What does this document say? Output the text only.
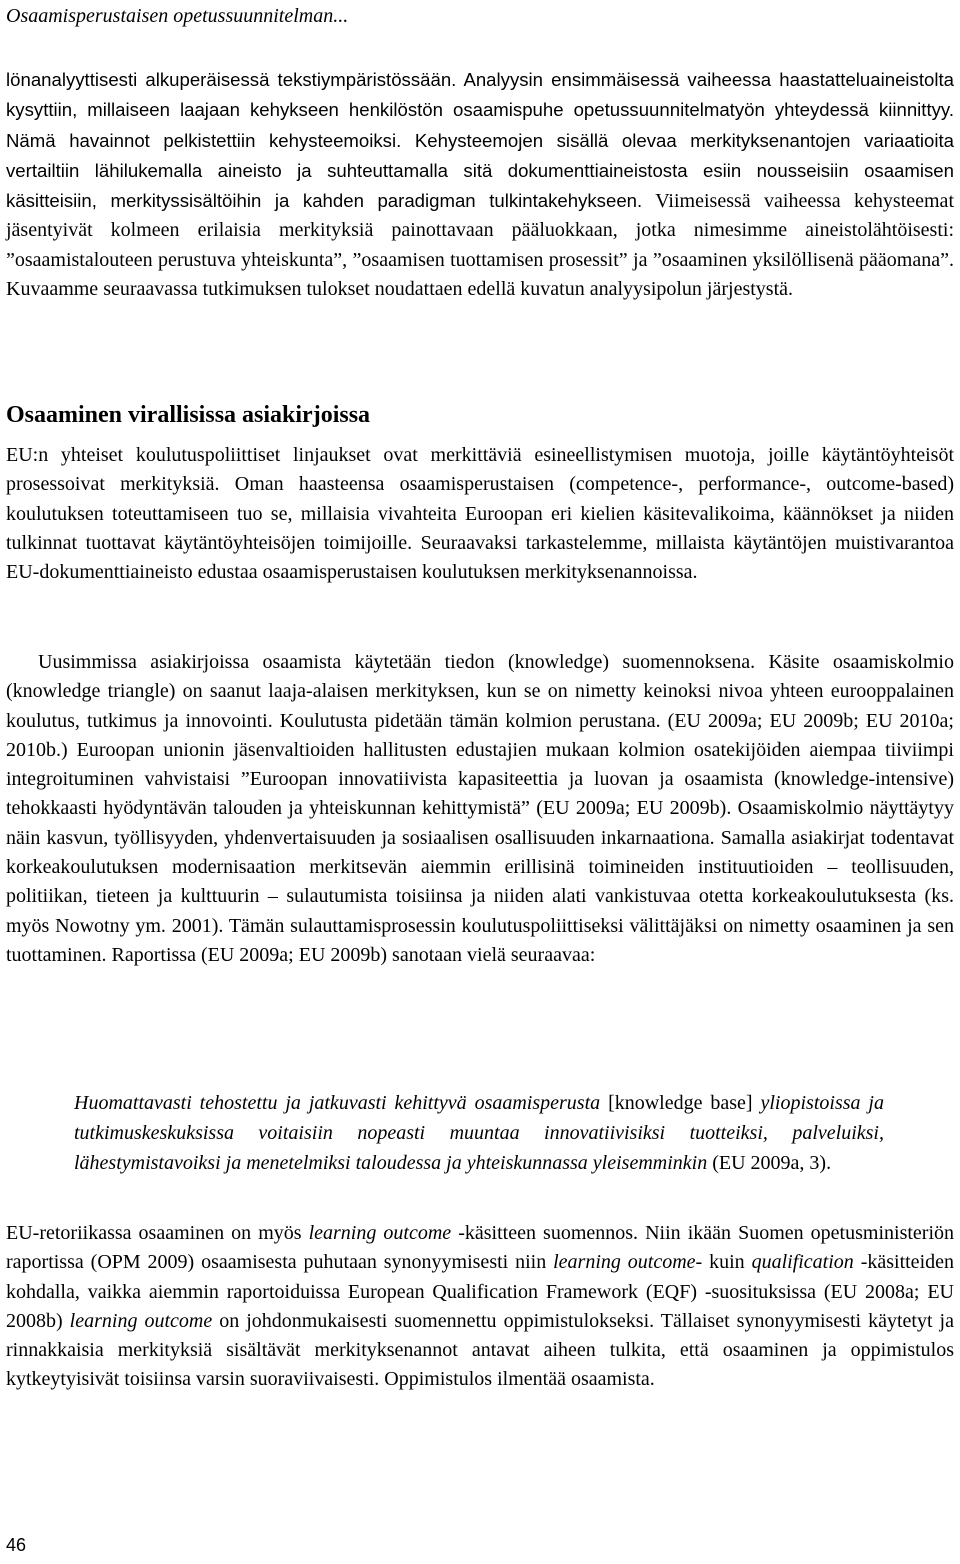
Osaamisperustaisen opetussuunnitelman...
lönanalyyttisesti alkuperäisessä tekstiympäristössään. Analyysin ensimmäisessä vaiheessa haastatteluaineistolta kysyttiin, millaiseen laajaan kehykseen henkilöstön osaamispuhe opetussuunnitelmatyön yhteydessä kiinnittyy. Nämä havainnot pelkistettiin kehysteemoiksi. Kehysteemojen sisällä olevaa merkityksenantojen variaatioita vertailtiin lähilukemalla aineisto ja suhteuttamalla sitä dokumenttiaineistosta esiin nousseisiin osaamisen käsitteisiin, merkityssisältöihin ja kahden paradigman tulkintakehykseen. Viimeisessä vaiheessa kehysteemat jäsentyivät kolmeen erilaisia merkityksiä painottavaan pääluokkaan, jotka nimesimme aineistolähtöisesti: ”osaamistalouteen perustuva yhteiskunta”, ”osaamisen tuottamisen prosessit” ja ”osaaminen yksilöllisenä pääomana”. Kuvaamme seuraavassa tutkimuksen tulokset noudattaen edellä kuvatun analyysipolun järjestystä.
Osaaminen virallisissa asiakirjoissa
EU:n yhteiset koulutuspoliittiset linjaukset ovat merkittäviä esineellistymisen muotoja, joille käytäntöyhteisöt prosessoivat merkityksiä. Oman haasteensa osaamisperustaisen (competence-, performance-, outcome-based) koulutuksen toteuttamiseen tuo se, millaisia vivahteita Euroopan eri kielien käsitevalikoima, käännökset ja niiden tulkinnat tuottavat käytäntöyhteisöjen toimijoille. Seuraavaksi tarkastelemme, millaista käytäntöjen muistivarantoa EU-dokumenttiaineisto edustaa osaamisperustaisen koulutuksen merkityksenannoissa.
Uusimmissa asiakirjoissa osaamista käytetään tiedon (knowledge) suomennoksena. Käsite osaamiskolmio (knowledge triangle) on saanut laaja-alaisen merkityksen, kun se on nimetty keinoksi nivoa yhteen eurooppalainen koulutus, tutkimus ja innovointi. Koulutusta pidetään tämän kolmion perustana. (EU 2009a; EU 2009b; EU 2010a; 2010b.) Euroopan unionin jäsenvaltioiden hallitusten edustajien mukaan kolmion osatekijöiden aiempaa tiiviimpi integroituminen vahvistaisi ”Euroopan innovatiivista kapasiteettia ja luovan ja osaamista (knowledge-intensive) tehokkaasti hyödyntävän talouden ja yhteiskunnan kehittymistä” (EU 2009a; EU 2009b). Osaamiskolmio näyttäytyy näin kasvun, työllisyyden, yhdenvertaisuuden ja sosiaalisen osallisuuden inkarnaationa. Samalla asiakirjat todentavat korkeakoulutuksen modernisaation merkitsevän aiemmin erillisinä toimineiden instituutioiden – teollisuuden, politiikan, tieteen ja kulttuurin – sulautumista toisiinsa ja niiden alati vankistuvaa otetta korkeakoulutuksesta (ks. myös Nowotny ym. 2001). Tämän sulauttamisprosessin koulutuspoliittiseksi välittäjäksi on nimetty osaaminen ja sen tuottaminen. Raportissa (EU 2009a; EU 2009b) sanotaan vielä seuraavaa:
Huomattavasti tehostettu ja jatkuvasti kehittyvä osaamisperusta [knowledge base] yliopistoissa ja tutkimuskeskuksissa voitaisiin nopeasti muuntaa innovatiivisiksi tuotteiksi, palveluiksi, lähestymistavoiksi ja menetelmiksi taloudessa ja yhteiskunnassa yleisemminkin (EU 2009a, 3).
EU-retoriikassa osaaminen on myös learning outcome -käsitteen suomennos. Niin ikään Suomen opetusministeriön raportissa (OPM 2009) osaamisesta puhutaan synonyymisesti niin learning outcome- kuin qualification -käsitteiden kohdalla, vaikka aiemmin raportoiduissa European Qualification Framework (EQF) -suosituksissa (EU 2008a; EU 2008b) learning outcome on johdonmukaisesti suomennettu oppimistulokseksi. Tällaiset synonyymisesti käytetyt ja rinnakkaisia merkityksiä sisältävät merkityksenannot antavat aiheen tulkita, että osaaminen ja oppimistulos kytkeytyisivät toisiinsa varsin suoraviivaisesti. Oppimistulos ilmentää osaamista.
46
